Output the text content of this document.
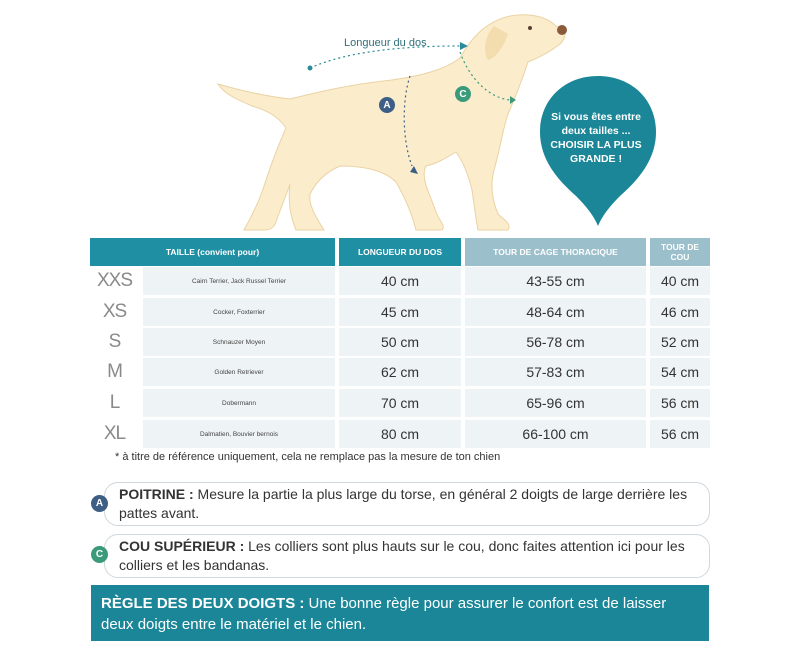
Longueur du dos
A
C
Si vous êtes entre deux tailles ... CHOISIR LA PLUS GRANDE !
TAILLE (convient pour)	LONGUEUR DU DOS	TOUR DE CAGE THORACIQUE	TOUR DE COU
XXS	Cairn Terrier, Jack Russel Terrier	40 cm	43-55 cm	40 cm
XS	Cocker, Foxterrier	45 cm	48-64 cm	46 cm
S	Schnauzer Moyen	50 cm	56-78 cm	52 cm
M	Golden Retriever	62 cm	57-83 cm	54 cm
L	Dobermann	70 cm	65-96 cm	56 cm
XL	Dalmatien, Bouvier bernois	80 cm	66-100 cm	56 cm
* à titre de référence uniquement, cela ne remplace pas la mesure de ton chien
POITRINE : Mesure la partie la plus large du torse, en général 2 doigts de large derrière les pattes avant.
A
COU SUPÉRIEUR : Les colliers sont plus hauts sur le cou, donc faites attention ici pour les colliers et les bandanas.
C
RÈGLE DES DEUX DOIGTS : Une bonne règle pour assurer le confort est de laisser deux doigts entre le matériel et le chien.
